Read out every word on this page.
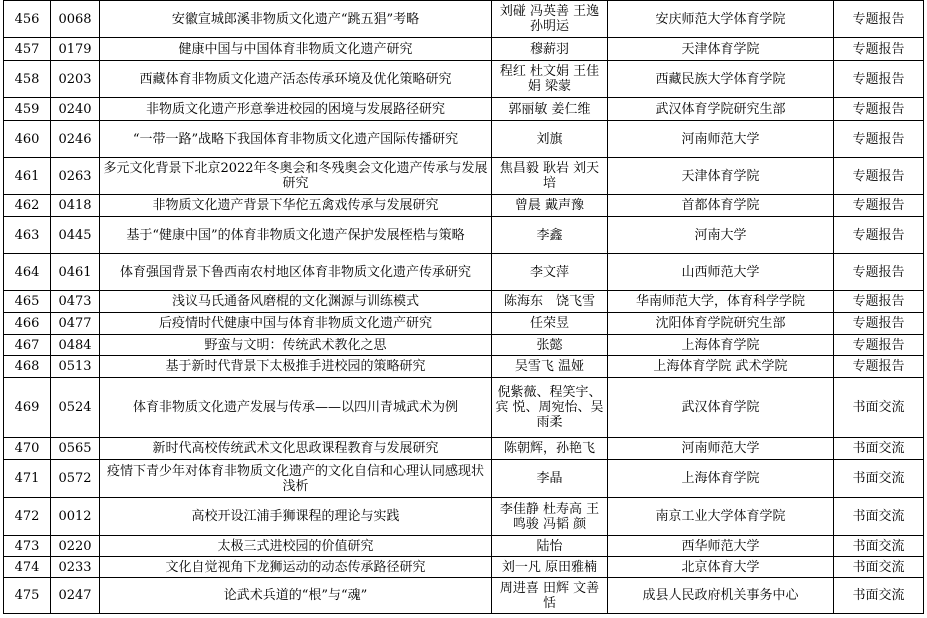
456	0068	安徽宣城郎溪非物质文化遗产“跳五猖”考略	刘碰 冯英善 王逸 孙明运	安庆师范大学体育学院	专题报告
457	0179	健康中国与中国体育非物质文化遗产研究	穆薪羽	天津体育学院	专题报告
458	0203	西藏体育非物质文化遗产活态传承环境及优化策略研究	程红 杜文娟 王佳娟 梁蒙	西藏民族大学体育学院	专题报告
459	0240	非物质文化遗产形意拳进校园的困境与发展路径研究	郭丽敏 姜仁维	武汉体育学院研究生部	专题报告
460	0246	“一带一路”战略下我国体育非物质文化遗产国际传播研究	刘旗	河南师范大学	专题报告
461	0263	多元文化背景下北京2022年冬奥会和冬残奥会文化遗产传承与发展研究	焦昌毅 耿岩 刘天培	天津体育学院	专题报告
462	0418	非物质文化遗产背景下华佗五禽戏传承与发展研究	曾晨 戴声豫	首都体育学院	专题报告
463	0445	基于“健康中国”的体育非物质文化遗产保护发展桎梏与策略	李鑫	河南大学	专题报告
464	0461	体育强国背景下鲁西南农村地区体育非物质文化遗产传承研究	李文萍	山西师范大学	专题报告
465	0473	浅议马氏通备风磨棍的文化渊源与训练模式	陈海东　饶飞雪	华南师范大学，体育科学学院	专题报告
466	0477	后疫情时代健康中国与体育非物质文化遗产研究	任荣昱	沈阳体育学院研究生部	专题报告
467	0484	野蛮与文明：传统武术教化之思	张懿	上海体育学院	专题报告
468	0513	基于新时代背景下太极推手进校园的策略研究	吴雪飞 温娅	上海体育学院 武术学院	专题报告
469	0524	体育非物质文化遗产发展与传承——以四川青城武术为例	倪紫薇、程笑宇、宾 悦、周宛怡、吴雨柔	武汉体育学院	书面交流
470	0565	新时代高校传统武术文化思政课程教育与发展研究	陈朝辉，孙艳飞	河南师范大学	书面交流
471	0572	疫情下青少年对体育非物质文化遗产的文化自信和心理认同感现状浅析	李晶	上海体育学院	书面交流
472	0012	高校开设江浦手狮课程的理论与实践	李佳静 杜寿高 王鸣骏 冯韬 颜	南京工业大学体育学院	书面交流
473	0220	太极三式进校园的价值研究	陆怡	西华师范大学	书面交流
474	0233	文化自觉视角下龙狮运动的动态传承路径研究	刘一凡 原田雅楠	北京体育大学	书面交流
475	0247	论武术兵道的“根”与“魂”	周进喜 田辉 文善恬	成县人民政府机关事务中心	书面交流
